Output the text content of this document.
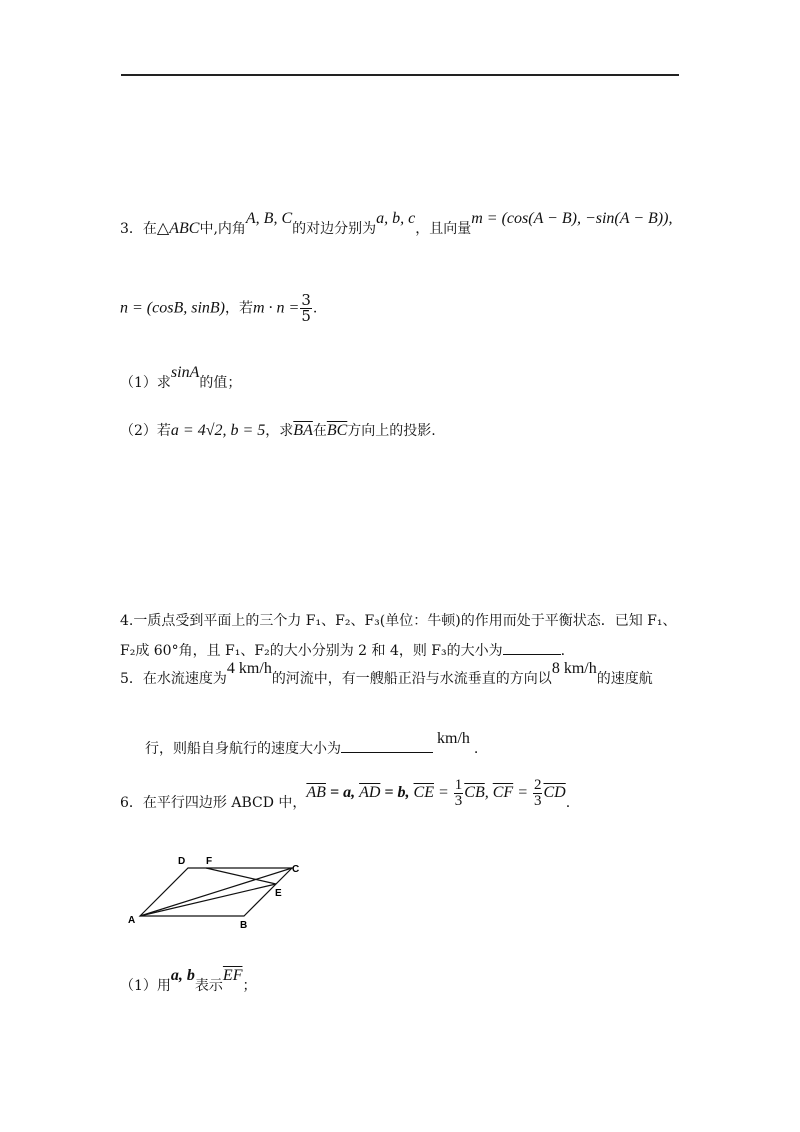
3．在△ABC中,内角A, B, C的对边分别为a, b, c，且向量m = (cos(A − B), −sin(A − B)),
n = (cosB, sinB)，若$m \cdot n = \frac{3}{5}$ .
（1）求sinA的值；
（2）若a = 4√2, b = 5，求$\overline{BA}$在$\overline{BC}$方向上的投影.
4.一质点受到平面上的三个力 F₁、F₂、F₃(单位：牛顿)的作用而处于平衡状态．已知 F₁、
F₂成 60°角，且 F₁、F₂的大小分别为 2 和 4，则 F₃的大小为	.
5．在水流速度为4 km/h的河流中，有一艘船正沿与水流垂直的方向以8 km/h的速度航
行，则船自身航行的速度大小为km/h.
6．在平行四边形 ABCD 中，$\overline{AB} = a$, $\overline{AD} = b$, $\overline{CE} = \frac{1}{3} \overline{CB}$, $\overline{CF} = \frac{2}{3} \overline{CD}$.
D F
C
E
A	B
（1）用a, b表示$\overline{EF}$；
